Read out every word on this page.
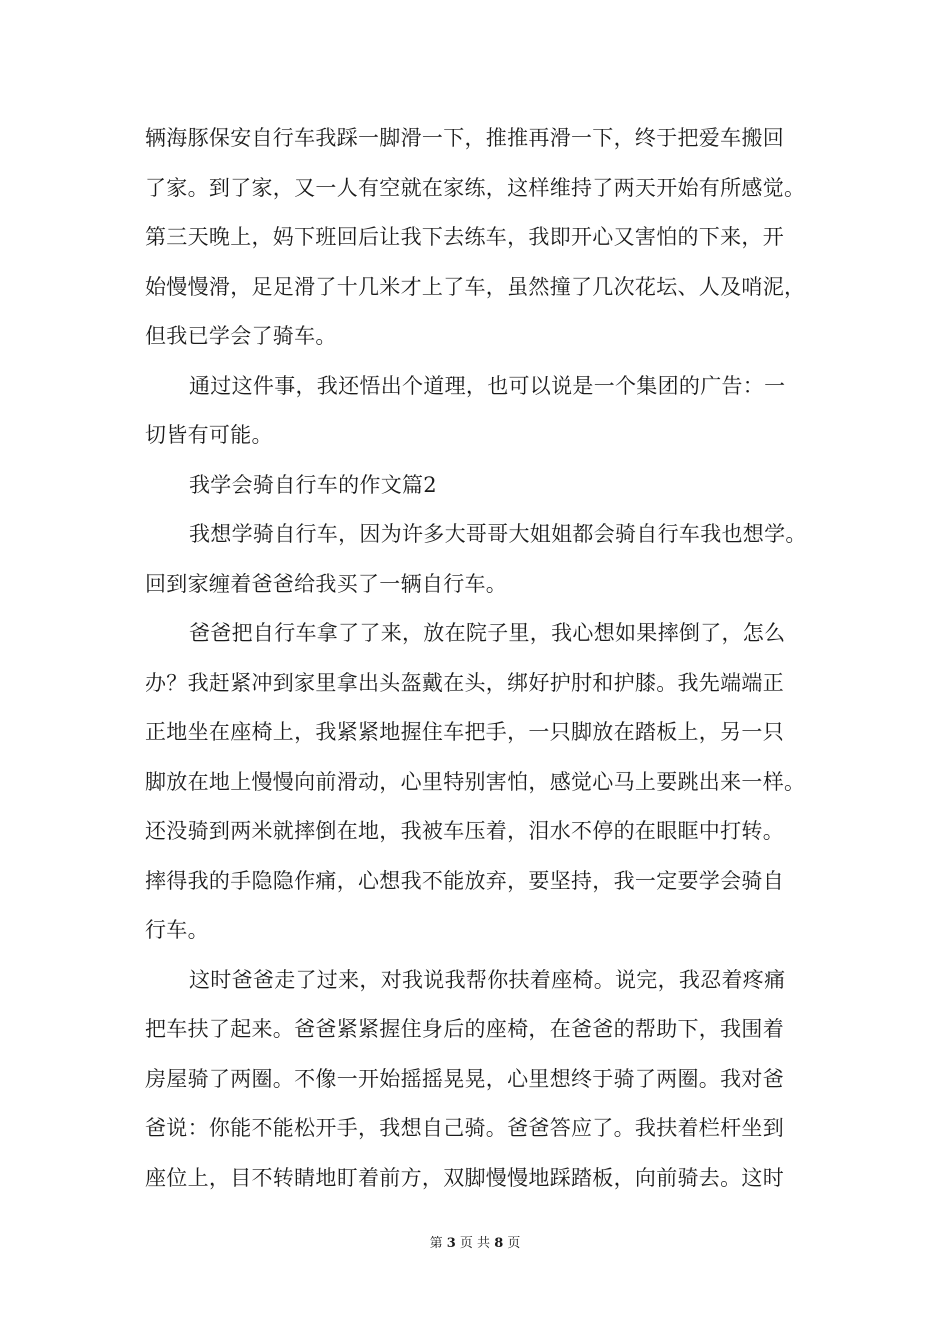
辆海豚保安自行车我踩一脚滑一下，推推再滑一下，终于把爱车搬回
了家。到了家，又一人有空就在家练，这样维持了两天开始有所感觉。
第三天晚上，妈下班回后让我下去练车，我即开心又害怕的下来，开
始慢慢滑，足足滑了十几米才上了车，虽然撞了几次花坛、人及哨泥，
但我已学会了骑车。
通过这件事，我还悟出个道理，也可以说是一个集团的广告：一
切皆有可能。
我学会骑自行车的作文篇2
我想学骑自行车，因为许多大哥哥大姐姐都会骑自行车我也想学。
回到家缠着爸爸给我买了一辆自行车。
爸爸把自行车拿了了来，放在院子里，我心想如果摔倒了，怎么
办？我赶紧冲到家里拿出头盔戴在头，绑好护肘和护膝。我先端端正
正地坐在座椅上，我紧紧地握住车把手，一只脚放在踏板上，另一只
脚放在地上慢慢向前滑动，心里特别害怕，感觉心马上要跳出来一样。
还没骑到两米就摔倒在地，我被车压着，泪水不停的在眼眶中打转。
摔得我的手隐隐作痛，心想我不能放弃，要坚持，我一定要学会骑自
行车。
这时爸爸走了过来，对我说我帮你扶着座椅。说完，我忍着疼痛
把车扶了起来。爸爸紧紧握住身后的座椅，在爸爸的帮助下，我围着
房屋骑了两圈。不像一开始摇摇晃晃，心里想终于骑了两圈。我对爸
爸说：你能不能松开手，我想自己骑。爸爸答应了。我扶着栏杆坐到
座位上，目不转睛地盯着前方，双脚慢慢地踩踏板，向前骑去。这时
第 3 页 共 8 页
